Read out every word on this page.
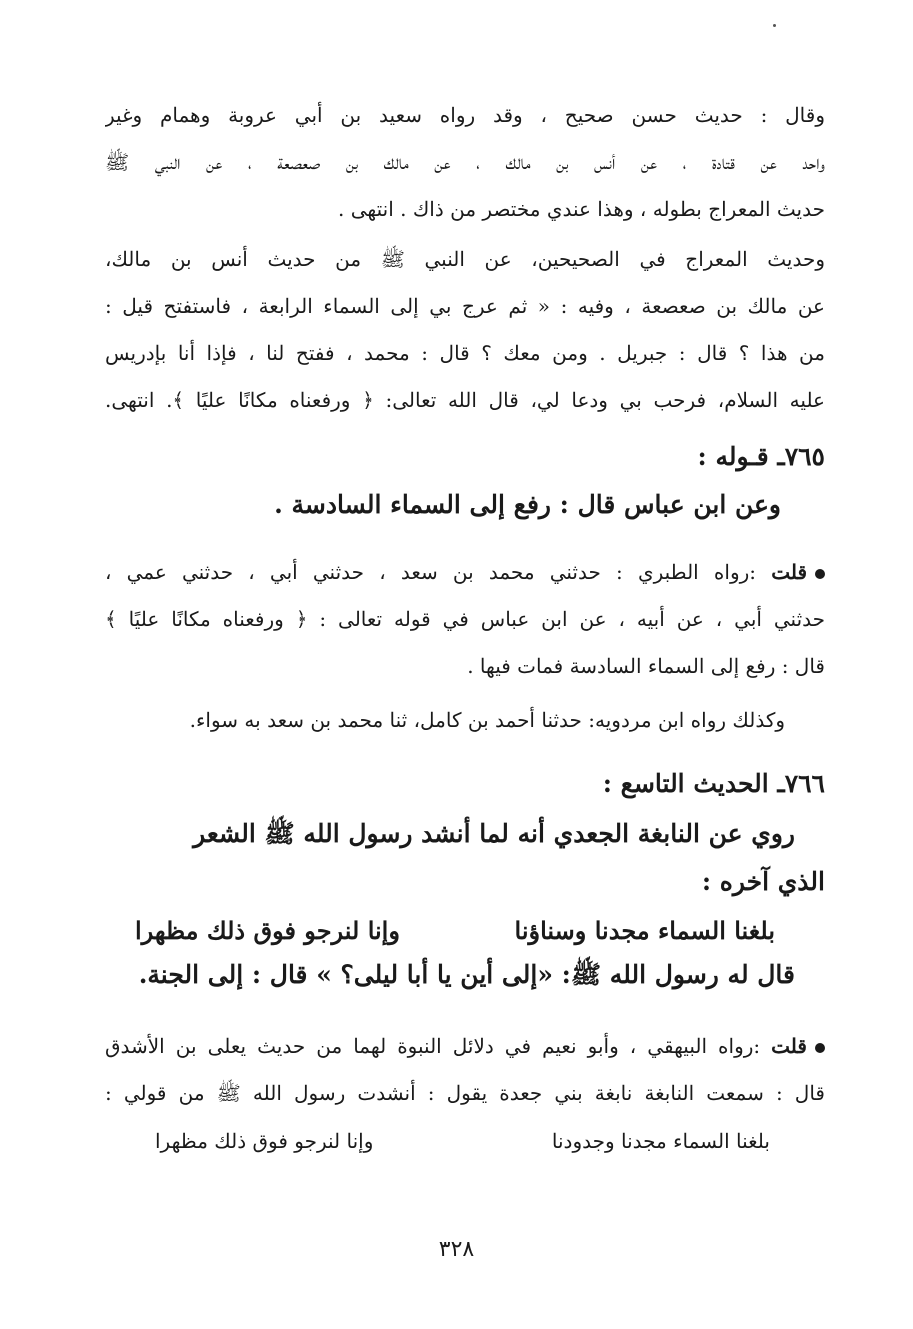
وقال : حديث حسن صحيح ، وقد رواه سعيد بن أبي عروبة وهمام وغير
واحد عن قتادة ، عن أنس بن مالك ، عن مالك بن صعصعة ، عن النبي ﷺ
حديث المعراج بطوله ، وهذا عندي مختصر من ذاك . انتهى .
وحديث المعراج في الصحيحين، عن النبي ﷺ من حديث أنس بن مالك،
عن مالك بن صعصعة ، وفيه : « ثم عرج بي إلى السماء الرابعة ، فاستفتح قيل :
من هذا ؟ قال : جبريل . ومن معك ؟ قال : محمد ، ففتح لنا ، فإذا أنا بإدريس
عليه السلام، فرحب بي ودعا لي، قال الله تعالى: ﴿ ورفعناه مكانًا عليًا ﴾. انتهى.
٧٦٥ـ قـوله :
وعن ابن عباس قال : رفع إلى السماء السادسة .
قلت :رواه الطبري : حدثني محمد بن سعد ، حدثني أبي ، حدثني عمي ،
حدثني أبي ، عن أبيه ، عن ابن عباس في قوله تعالى : ﴿ ورفعناه مكانًا عليًا ﴾
قال : رفع إلى السماء السادسة فمات فيها .
وكذلك رواه ابن مردويه: حدثنا أحمد بن كامل، ثنا محمد بن سعد به سواء.
٧٦٦ـ الحديث التاسع :
روي عن النابغة الجعدي أنه لما أنشد رسول الله ﷺ الشعر
الذي آخره :
بلغنا السماء مجدنا وسناؤنا
وإنا لنرجو فوق ذلك مظهرا
قال له رسول الله ﷺ: «إلى أين يا أبا ليلى؟ » قال : إلى الجنة.
قلت :رواه البيهقي ، وأبو نعيم في دلائل النبوة لهما من حديث يعلى بن الأشدق
قال : سمعت النابغة نابغة بني جعدة يقول : أنشدت رسول الله ﷺ من قولي :
بلغنا السماء مجدنا وجدودنا
وإنا لنرجو فوق ذلك مظهرا
٣٢٨
